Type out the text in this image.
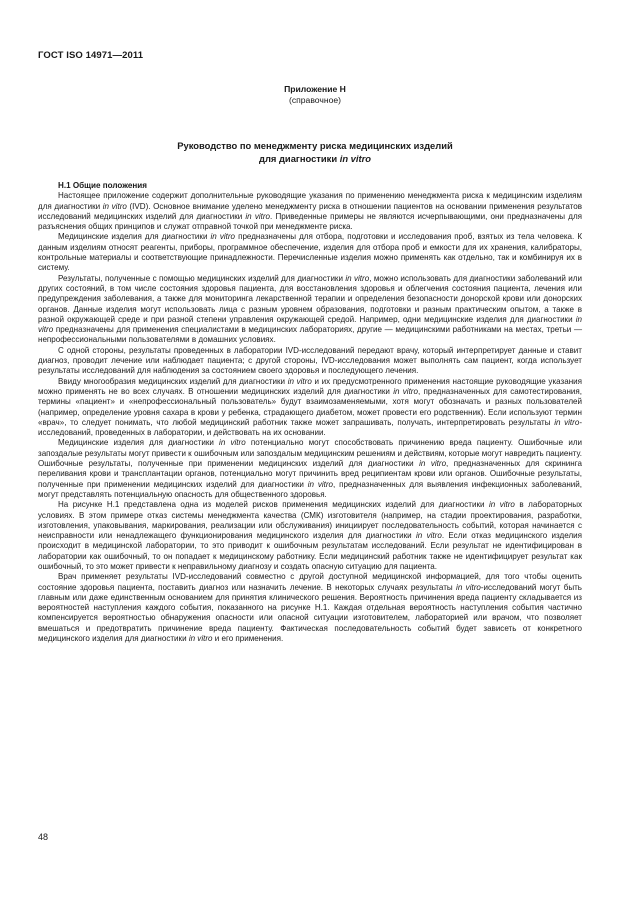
ГОСТ ISO 14971—2011
Приложение Н
(справочное)
Руководство по менеджменту риска медицинских изделий
для диагностики in vitro
Н.1 Общие положения

Настоящее приложение содержит дополнительные руководящие указания по применению менеджмента риска к медицинским изделиям для диагностики in vitro (IVD). Основное внимание уделено менеджменту риска в отношении пациентов на основании применения результатов исследований медицинских изделий для диагностики in vitro. Приведенные примеры не являются исчерпывающими, они предназначены для разъяснения общих принципов и служат отправной точкой при менеджменте риска.

Медицинские изделия для диагностики in vitro предназначены для отбора, подготовки и исследования проб, взятых из тела человека. К данным изделиям относят реагенты, приборы, программное обеспечение, изделия для отбора проб и емкости для их хранения, калибраторы, контрольные материалы и соответствующие принадлежности. Перечисленные изделия можно применять как отдельно, так и комбинируя их в систему.

Результаты, полученные с помощью медицинских изделий для диагностики in vitro, можно использовать для диагностики заболеваний или других состояний, в том числе состояния здоровья пациента, для восстановления здоровья и облегчения состояния пациента, лечения или предупреждения заболевания, а также для мониторинга лекарственной терапии и определения безопасности донорской крови или донорских органов. Данные изделия могут использовать лица с разным уровнем образования, подготовки и разным практическим опытом, а также в разной окружающей среде и при разной степени управления окружающей средой. Например, одни медицинские изделия для диагностики in vitro предназначены для применения специалистами в медицинских лабораториях, другие — медицинскими работниками на местах, третьи — непрофессиональными пользователями в домашних условиях.

С одной стороны, результаты проведенных в лаборатории IVD-исследований передают врачу, который интерпретирует данные и ставит диагноз, проводит лечение или наблюдает пациента; с другой стороны, IVD-исследования может выполнять сам пациент, когда использует результаты исследований для наблюдения за состоянием своего здоровья и последующего лечения.

Ввиду многообразия медицинских изделий для диагностики in vitro и их предусмотренного применения настоящие руководящие указания можно применять не во всех случаях. В отношении медицинских изделий для диагностики in vitro, предназначенных для самотестирования, термины «пациент» и «непрофессиональный пользователь» будут взаимозаменяемыми, хотя могут обозначать и разных пользователей (например, определение уровня сахара в крови у ребенка, страдающего диабетом, может провести его родственник). Если используют термин «врач», то следует понимать, что любой медицинский работник также может запрашивать, получать, интерпретировать результаты in vitro-исследований, проведенных в лаборатории, и действовать на их основании.

Медицинские изделия для диагностики in vitro потенциально могут способствовать причинению вреда пациенту. Ошибочные или запоздалые результаты могут привести к ошибочным или запоздалым медицинским решениям и действиям, которые могут навредить пациенту. Ошибочные результаты, полученные при применении медицинских изделий для диагностики in vitro, предназначенных для скрининга переливания крови и трансплантации органов, потенциально могут причинить вред реципиентам крови или органов. Ошибочные результаты, полученные при применении медицинских изделий для диагностики in vitro, предназначенных для выявления инфекционных заболеваний, могут представлять потенциальную опасность для общественного здоровья.

На рисунке Н.1 представлена одна из моделей рисков применения медицинских изделий для диагностики in vitro в лабораторных условиях. В этом примере отказ системы менеджмента качества (СМК) изготовителя (например, на стадии проектирования, разработки, изготовления, упаковывания, маркирования, реализации или обслуживания) инициирует последовательность событий, которая начинается с неисправности или ненадлежащего функционирования медицинского изделия для диагностики in vitro. Если отказ медицинского изделия происходит в медицинской лаборатории, то это приводит к ошибочным результатам исследований. Если результат не идентифицирован в лаборатории как ошибочный, то он попадает к медицинскому работнику. Если медицинский работник также не идентифицирует результат как ошибочный, то это может привести к неправильному диагнозу и создать опасную ситуацию для пациента.

Врач применяет результаты IVD-исследований совместно с другой доступной медицинской информацией, для того чтобы оценить состояние здоровья пациента, поставить диагноз или назначить лечение. В некоторых случаях результаты in vitro-исследований могут быть главным или даже единственным основанием для принятия клинического решения. Вероятность причинения вреда пациенту складывается из вероятностей наступления каждого события, показанного на рисунке Н.1. Каждая отдельная вероятность наступления события частично компенсируется вероятностью обнаружения опасности или опасной ситуации изготовителем, лабораторией или врачом, что позволяет вмешаться и предотвратить причинение вреда пациенту. Фактическая последовательность событий будет зависеть от конкретного медицинского изделия для диагностики in vitro и его применения.

48
